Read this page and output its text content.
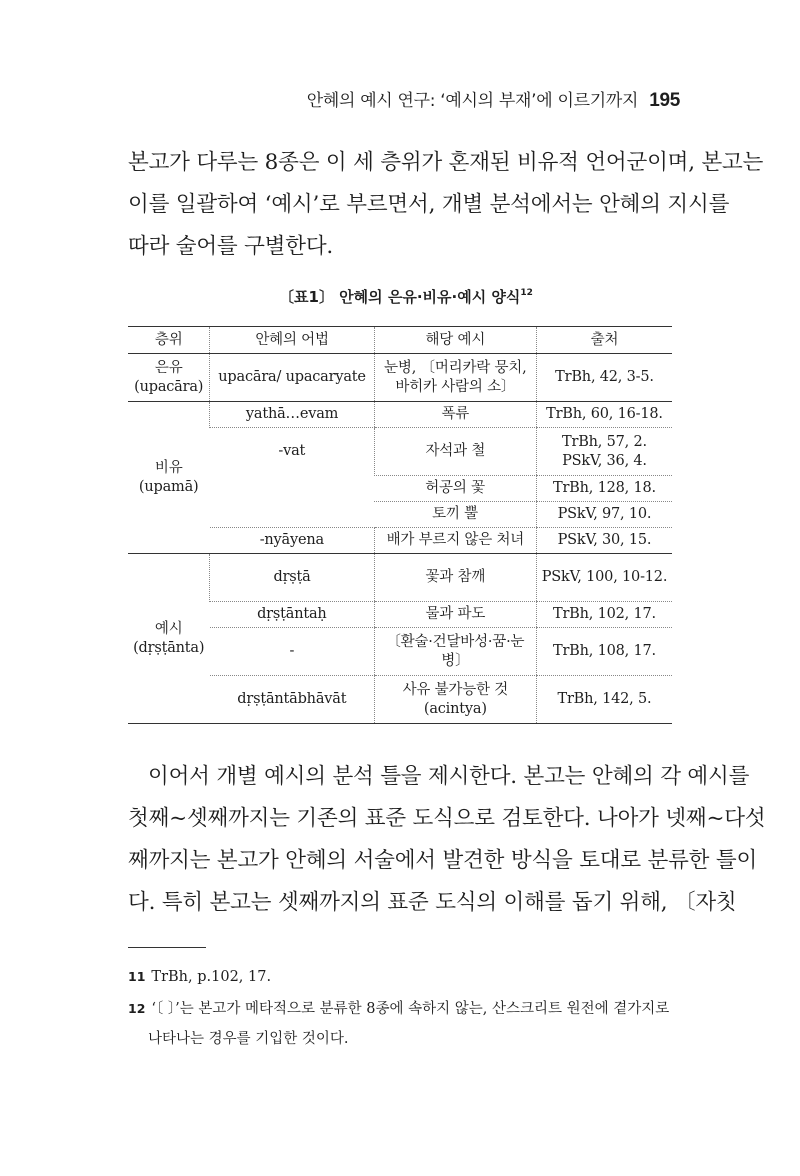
안혜의 예시 연구: ‘예시의 부재’에 이르기까지 195

본고가 다루는 8종은 이 세 층위가 혼재된 비유적 언어군이며, 본고는
이를 일괄하여 ‘예시’로 부르면서, 개별 분석에서는 안혜의 지시를
따라 술어를 구별한다.

〔표1〕 안혜의 은유·비유·예시 양식$^{12}$
층위	안혜의 어법	해당 예시	출처

은유
(upacāra)	upacāra/ upacaryate	눈병, 〔머리카락 뭉치, 바히카 사람의 소〕	TrBh, 42, 3-5.

비유
(upamā)	yathā…evam	폭류	TrBh, 60, 16-18.
	-vat	자석과 철	TrBh, 57, 2. PSkV, 36, 4.
		허공의 꽃	TrBh, 128, 18.
		토끼 뿔	PSkV, 97, 10.
	-nyāyena	배가 부르지 않은 처녀	PSkV, 30, 15.

예시
(dṛṣṭānta)	dṛṣṭā	꽃과 참깨	PSkV, 100, 10-12.
	dṛṣṭāntaḥ	물과 파도	TrBh, 102, 17.
	-	〔환술·건달바성·꿈·눈병〕	TrBh, 108, 17.
	dṛṣṭāntābhāvāt	사유 불가능한 것 (acintya)	TrBh, 142, 5.

이어서 개별 예시의 분석 틀을 제시한다. 본고는 안혜의 각 예시를
첫째~셋째까지는 기존의 표준 도식으로 검토한다. 나아가 넷째~다섯
째까지는 본고가 안혜의 서술에서 발견한 방식을 토대로 분류한 틀이
다. 특히 본고는 셋째까지의 표준 도식의 이해를 돕기 위해, 〔자칫

11 TrBh, p.102, 17.

12 ‘〔 〕’는 본고가 메타적으로 분류한 8종에 속하지 않는, 산스크리트 원전에 곁가지로
나타나는 경우를 기입한 것이다.
